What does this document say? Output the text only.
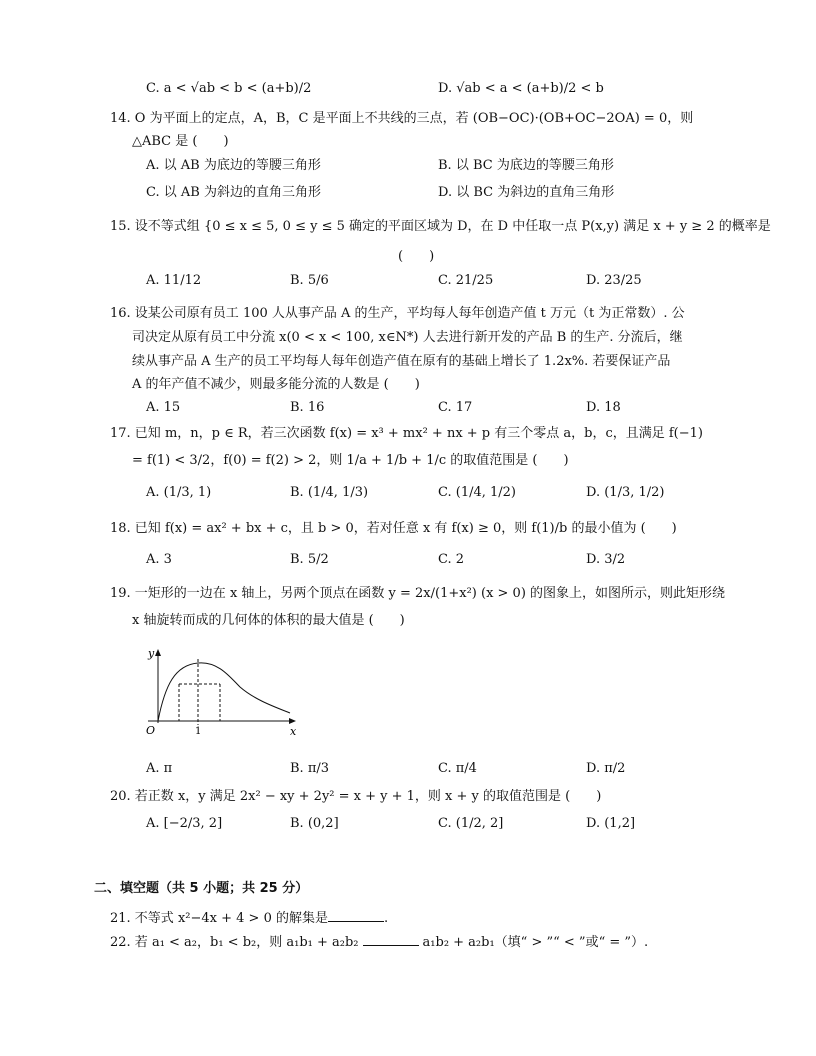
C. a < √ab < b < (a+b)/2	D. √ab < a < (a+b)/2 < b
14. O 为平面上的定点，A，B，C 是平面上不共线的三点，若 (OB−OC)·(OB+OC−2OA) = 0，则
△ABC 是 (　　)
A. 以 AB 为底边的等腰三角形	B. 以 BC 为底边的等腰三角形
C. 以 AB 为斜边的直角三角形	D. 以 BC 为斜边的直角三角形
15. 设不等式组 {0 ≤ x ≤ 5, 0 ≤ y ≤ 5 确定的平面区域为 D，在 D 中任取一点 P(x,y) 满足 x + y ≥ 2 的概率是
(　　)
A. 11/12	B. 5/6	C. 21/25	D. 23/25
16. 设某公司原有员工 100 人从事产品 A 的生产，平均每人每年创造产值 t 万元（t 为正常数）. 公
司决定从原有员工中分流 x(0 < x < 100, x∈N*) 人去进行新开发的产品 B 的生产. 分流后，继
续从事产品 A 生产的员工平均每人每年创造产值在原有的基础上增长了 1.2x%. 若要保证产品
A 的年产值不减少，则最多能分流的人数是 (　　)
A. 15	B. 16	C. 17	D. 18
17. 已知 m，n，p ∈ R，若三次函数 f(x) = x³ + mx² + nx + p 有三个零点 a，b，c，且满足 f(−1)
= f(1) < 3/2，f(0) = f(2) > 2，则 1/a + 1/b + 1/c 的取值范围是 (　　)
A. (1/3, 1)	B. (1/4, 1/3)	C. (1/4, 1/2)	D. (1/3, 1/2)
18. 已知 f(x) = ax² + bx + c，且 b > 0，若对任意 x 有 f(x) ≥ 0，则 f(1)/b 的最小值为 (　　)
A. 3	B. 5/2	C. 2	D. 3/2
19. 一矩形的一边在 x 轴上，另两个顶点在函数 y = 2x/(1+x²) (x > 0) 的图象上，如图所示，则此矩形绕
x 轴旋转而成的几何体的体积的最大值是 (　　)
y
x
O	1
A. π	B. π/3	C. π/4	D. π/2
20. 若正数 x，y 满足 2x² − xy + 2y² = x + y + 1，则 x + y 的取值范围是 (　　)
A. [−2/3, 2]	B. (0,2]	C. (1/2, 2]	D. (1,2]
二、填空题（共 5 小题；共 25 分）
21. 不等式 x²−4x + 4 > 0 的解集是	.
22. 若 a₁ < a₂，b₁ < b₂，则 a₁b₁ + a₂b₂	a₁b₂ + a₂b₁（填“ > ”“ < ”或“ = ”）.
